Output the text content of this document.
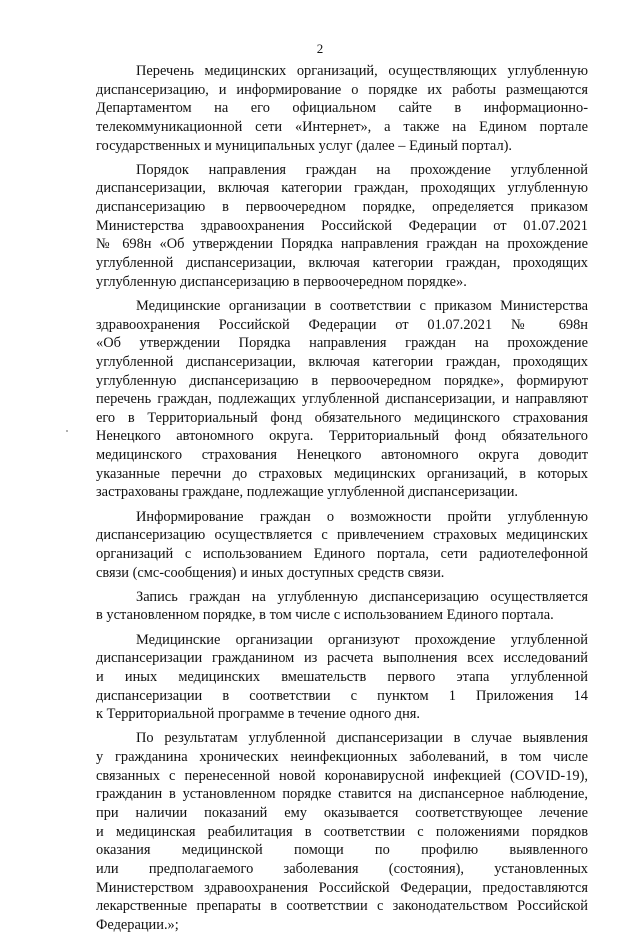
2
Перечень медицинских организаций, осуществляющих углубленную
диспансеризацию, и информирование о порядке их работы размещаются
Департаментом на его официальном сайте в информационно-
телекоммуникационной сети «Интернет», а также на Едином портале
государственных и муниципальных услуг (далее – Единый портал).
Порядок направления граждан на прохождение углубленной
диспансеризации, включая категории граждан, проходящих углубленную
диспансеризацию в первоочередном порядке, определяется приказом
Министерства здравоохранения Российской Федерации от 01.07.2021
№ 698н «Об утверждении Порядка направления граждан на прохождение
углубленной диспансеризации, включая категории граждан, проходящих
углубленную диспансеризацию в первоочередном порядке».
Медицинские организации в соответствии с приказом Министерства
здравоохранения Российской Федерации от 01.07.2021 № 698н
«Об утверждении Порядка направления граждан на прохождение
углубленной диспансеризации, включая категории граждан, проходящих
углубленную диспансеризацию в первоочередном порядке», формируют
перечень граждан, подлежащих углубленной диспансеризации, и направляют
его в Территориальный фонд обязательного медицинского страхования
Ненецкого автономного округа. Территориальный фонд обязательного
медицинского страхования Ненецкого автономного округа доводит
указанные перечни до страховых медицинских организаций, в которых
застрахованы граждане, подлежащие углубленной диспансеризации.
Информирование граждан о возможности пройти углубленную
диспансеризацию осуществляется с привлечением страховых медицинских
организаций с использованием Единого портала, сети радиотелефонной
связи (смс-сообщения) и иных доступных средств связи.
Запись граждан на углубленную диспансеризацию осуществляется
в установленном порядке, в том числе с использованием Единого портала.
Медицинские организации организуют прохождение углубленной
диспансеризации гражданином из расчета выполнения всех исследований
и иных медицинских вмешательств первого этапа углубленной
диспансеризации в соответствии с пунктом 1 Приложения 14
к Территориальной программе в течение одного дня.
По результатам углубленной диспансеризации в случае выявления
у гражданина хронических неинфекционных заболеваний, в том числе
связанных с перенесенной новой коронавирусной инфекцией (COVID-19),
гражданин в установленном порядке ставится на диспансерное наблюдение,
при наличии показаний ему оказывается соответствующее лечение
и медицинская реабилитация в соответствии с положениями порядков
оказания медицинской помощи по профилю выявленного
или предполагаемого заболевания (состояния), установленных
Министерством здравоохранения Российской Федерации, предоставляются
лекарственные препараты в соответствии с законодательством Российской
Федерации.»;
